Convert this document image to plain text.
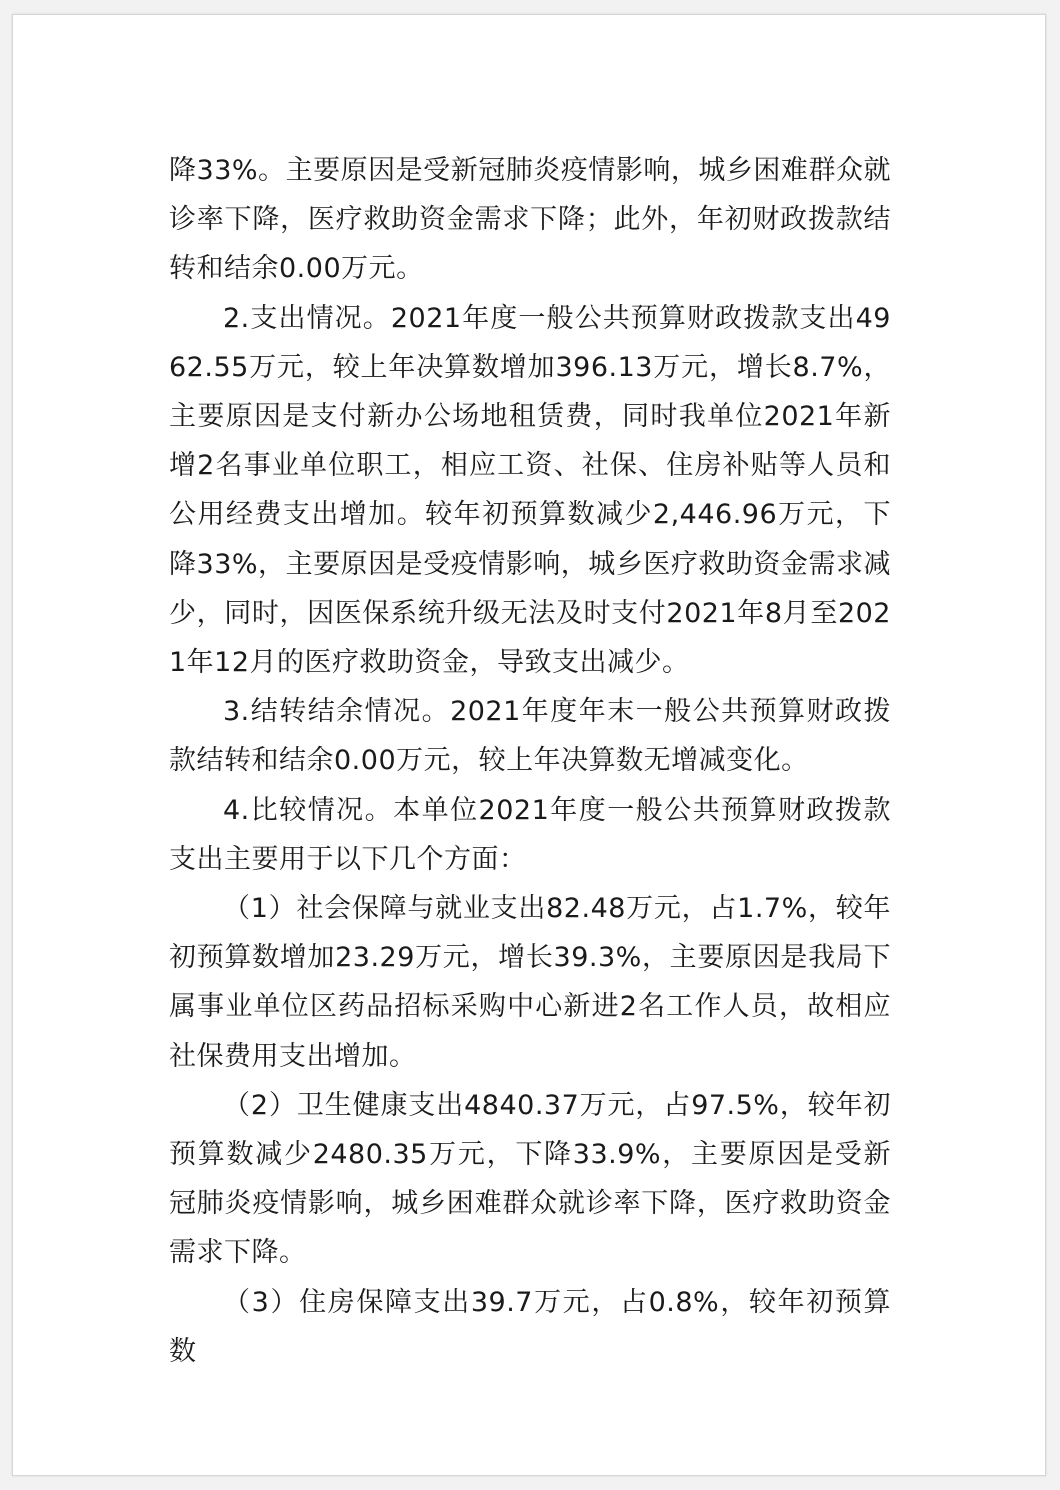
降33%。主要原因是受新冠肺炎疫情影响，城乡困难群众就诊率下降，医疗救助资金需求下降；此外，年初财政拨款结转和结余0.00万元。

2.支出情况。2021年度一般公共预算财政拨款支出4962.55万元，较上年决算数增加396.13万元，增长8.7%，主要原因是支付新办公场地租赁费，同时我单位2021年新增2名事业单位职工，相应工资、社保、住房补贴等人员和公用经费支出增加。较年初预算数减少2,446.96万元，下降33%，主要原因是受疫情影响，城乡医疗救助资金需求减少，同时，因医保系统升级无法及时支付2021年8月至2021年12月的医疗救助资金，导致支出减少。

3.结转结余情况。2021年度年末一般公共预算财政拨款结转和结余0.00万元，较上年决算数无增减变化。

4.比较情况。本单位2021年度一般公共预算财政拨款支出主要用于以下几个方面：

（1）社会保障与就业支出82.48万元，占1.7%，较年初预算数增加23.29万元，增长39.3%，主要原因是我局下属事业单位区药品招标采购中心新进2名工作人员，故相应社保费用支出增加。

（2）卫生健康支出4840.37万元，占97.5%，较年初预算数减少2480.35万元，下降33.9%，主要原因是受新冠肺炎疫情影响，城乡困难群众就诊率下降，医疗救助资金需求下降。

（3）住房保障支出39.7万元，占0.8%，较年初预算数
